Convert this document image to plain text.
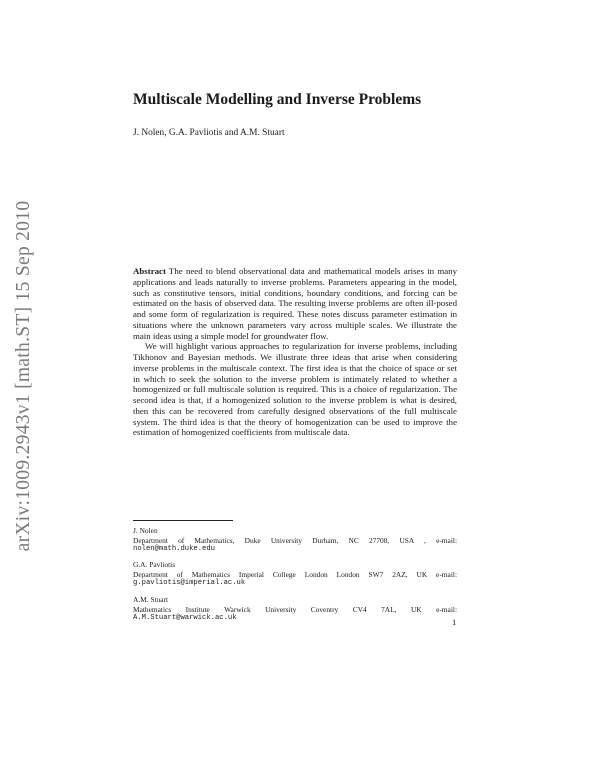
arXiv:1009.2943v1 [math.ST] 15 Sep 2010
Multiscale Modelling and Inverse Problems
J. Nolen, G.A. Pavliotis and A.M. Stuart

Abstract The need to blend observational data and mathematical models arises in many applications and leads naturally to inverse problems. Parameters appearing in the model, such as constitutive tensors, initial conditions, boundary conditions, and forcing can be estimated on the basis of observed data. The resulting inverse problems are often ill-posed and some form of regularization is required. These notes discuss parameter estimation in situations where the unknown parameters vary across multiple scales. We illustrate the main ideas using a simple model for groundwater flow.

We will highlight various approaches to regularization for inverse problems, including Tikhonov and Bayesian methods. We illustrate three ideas that arise when considering inverse problems in the multiscale context. The first idea is that the choice of space or set in which to seek the solution to the inverse problem is intimately related to whether a homogenized or full multiscale solution is required. This is a choice of regularization. The second idea is that, if a homogenized solution to the inverse problem is what is desired, then this can be recovered from carefully designed observations of the full multiscale system. The third idea is that the theory of homogenization can be used to improve the estimation of homogenized coefficients from multiscale data.

J. Nolen
Department of Mathematics, Duke University Durham, NC 27708, USA , e-mail:
nolen@math.duke.edu
G.A. Pavliotis
Department of Mathematics Imperial College London London SW7 2AZ, UK e-mail:
g.pavliotis@imperial.ac.uk
A.M. Stuart
Mathematics Institute Warwick University Coventry CV4 7AL, UK e-mail:
A.M.Stuart@warwick.ac.uk	1
